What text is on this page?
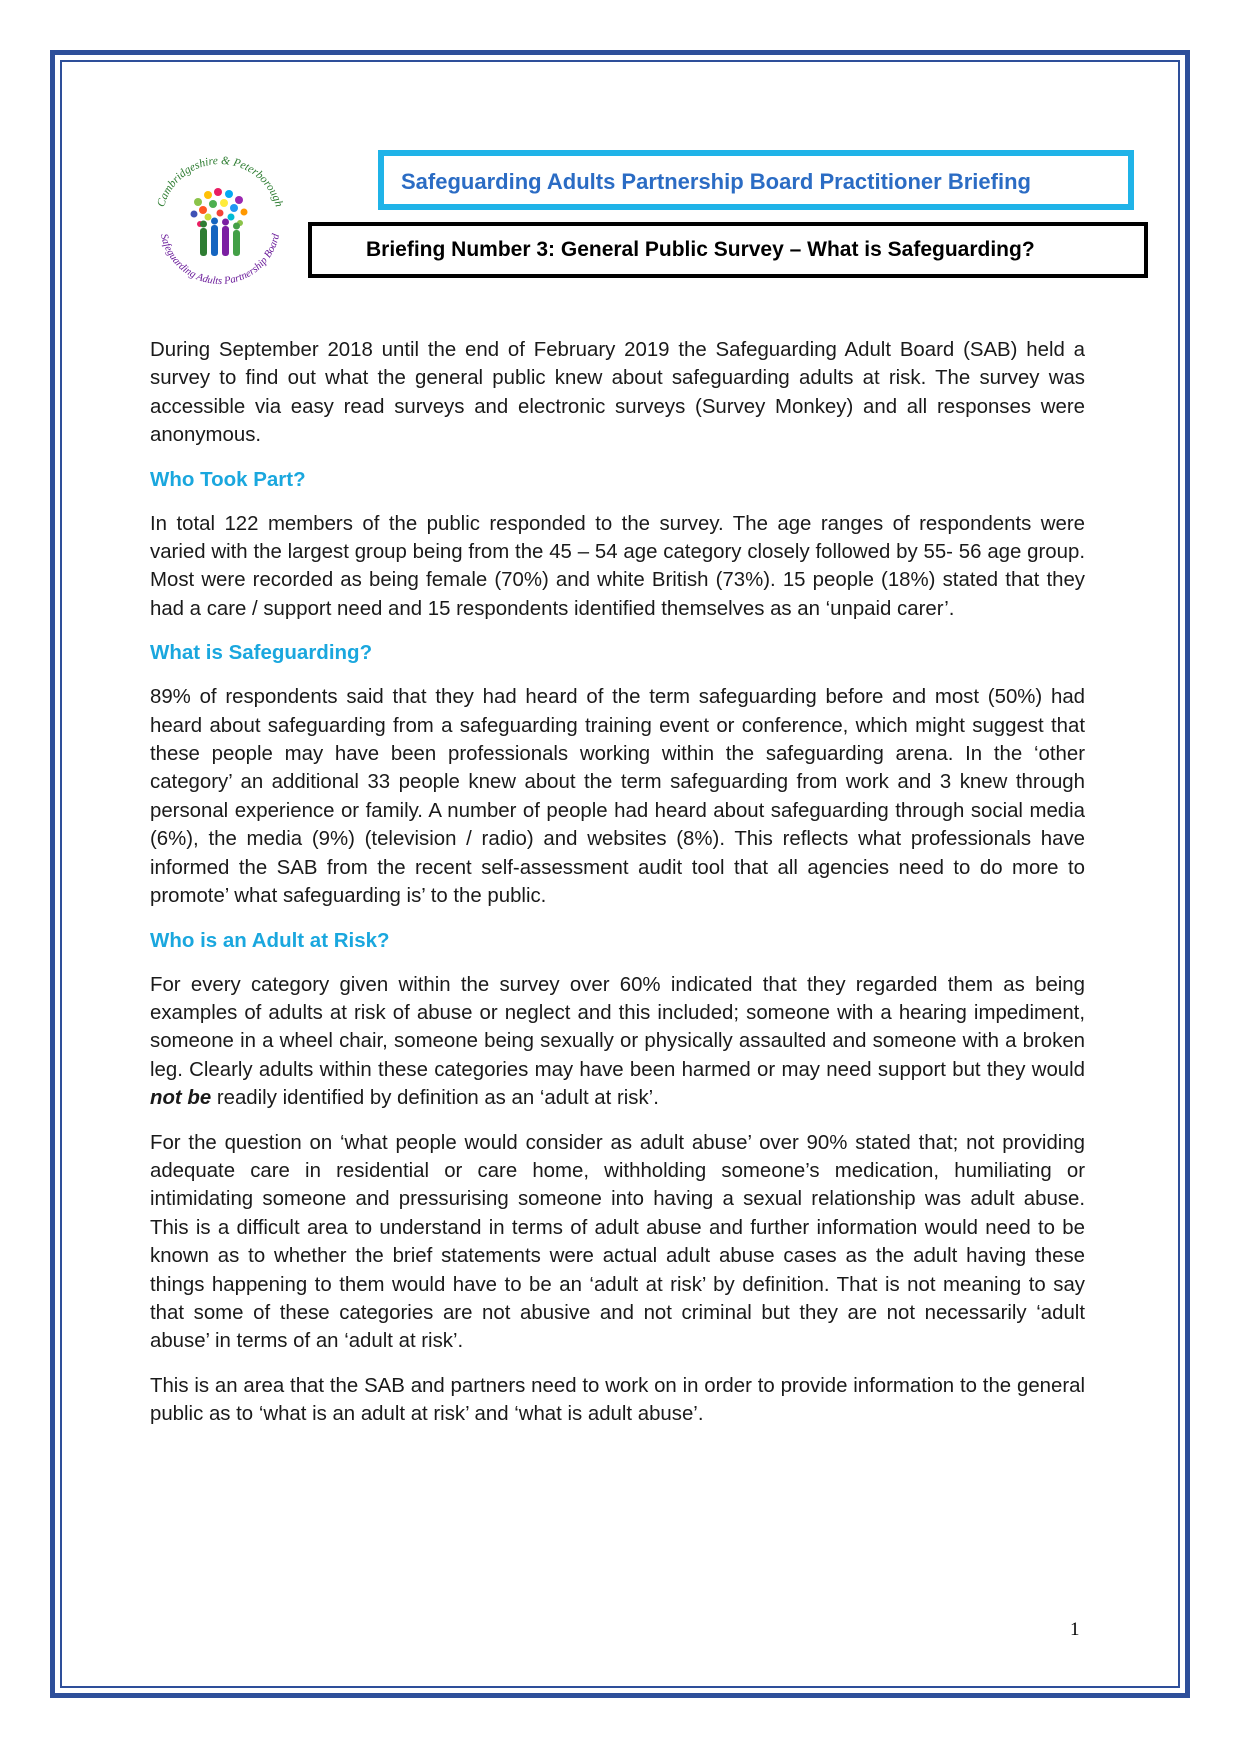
Cambridgeshire & Peterborough
Safeguarding Adults Partnership Board
Safeguarding Adults Partnership Board Practitioner Briefing
Briefing Number 3: General Public Survey – What is Safeguarding?

During September 2018 until the end of February 2019 the Safeguarding Adult Board (SAB) held a survey to find out what the general public knew about safeguarding adults at risk. The survey was accessible via easy read surveys and electronic surveys (Survey Monkey) and all responses were anonymous.

Who Took Part?

In total 122 members of the public responded to the survey. The age ranges of respondents were varied with the largest group being from the 45 – 54 age category closely followed by 55- 56 age group. Most were recorded as being female (70%) and white British (73%). 15 people (18%) stated that they had a care / support need and 15 respondents identified themselves as an ‘unpaid carer’.

What is Safeguarding?

89% of respondents said that they had heard of the term safeguarding before and most (50%) had heard about safeguarding from a safeguarding training event or conference, which might suggest that these people may have been professionals working within the safeguarding arena. In the ‘other category’ an additional 33 people knew about the term safeguarding from work and 3 knew through personal experience or family. A number of people had heard about safeguarding through social media (6%), the media (9%) (television / radio) and websites (8%). This reflects what professionals have informed the SAB from the recent self-assessment audit tool that all agencies need to do more to promote’ what safeguarding is’ to the public.

Who is an Adult at Risk?

For every category given within the survey over 60% indicated that they regarded them as being examples of adults at risk of abuse or neglect and this included; someone with a hearing impediment, someone in a wheel chair, someone being sexually or physically assaulted and someone with a broken leg. Clearly adults within these categories may have been harmed or may need support but they would not be readily identified by definition as an ‘adult at risk’.

For the question on ‘what people would consider as adult abuse’ over 90% stated that; not providing adequate care in residential or care home, withholding someone’s medication, humiliating or intimidating someone and pressurising someone into having a sexual relationship was adult abuse. This is a difficult area to understand in terms of adult abuse and further information would need to be known as to whether the brief statements were actual adult abuse cases as the adult having these things happening to them would have to be an ‘adult at risk’ by definition. That is not meaning to say that some of these categories are not abusive and not criminal but they are not necessarily ‘adult abuse’ in terms of an ‘adult at risk’.

This is an area that the SAB and partners need to work on in order to provide information to the general public as to ‘what is an adult at risk’ and ‘what is adult abuse’.

1
